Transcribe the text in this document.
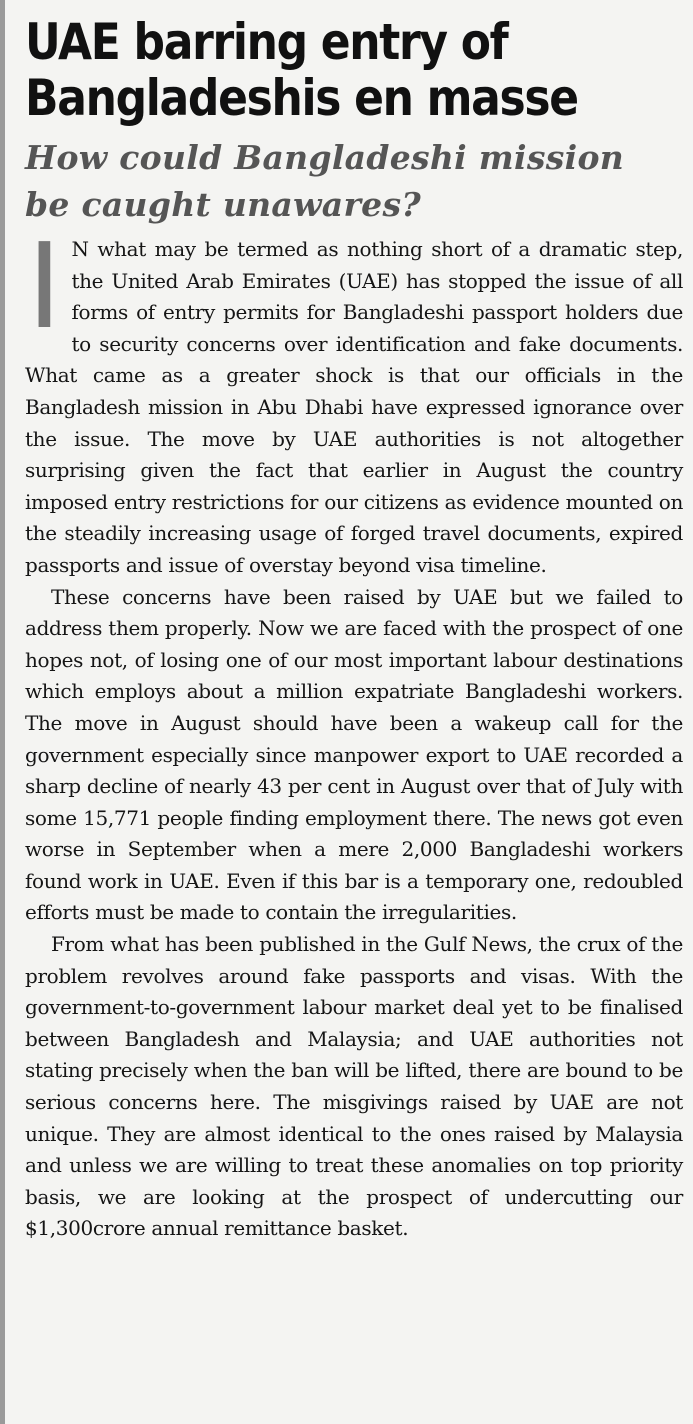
UAE barring entry of
Bangladeshis en masse
How could Bangladeshi mission
be caught unawares?

I N what may be termed as nothing short of a dramatic step, the United Arab Emirates (UAE) has stopped the issue of all forms of entry permits for Bangladeshi passport holders due to security concerns over identification and fake documents. What came as a greater shock is that our officials in the Bangladesh mission in Abu Dhabi have expressed ignorance over the issue. The move by UAE authorities is not altogether surprising given the fact that earlier in August the country imposed entry restrictions for our citizens as evidence mounted on the steadily increasing usage of forged travel documents, expired passports and issue of overstay beyond visa timeline.

These concerns have been raised by UAE but we failed to address them properly. Now we are faced with the prospect of one hopes not, of losing one of our most important labour destinations which employs about a million expatriate Bangladeshi workers. The move in August should have been a wakeup call for the government especially since manpower export to UAE recorded a sharp decline of nearly 43 per cent in August over that of July with some 15,771 people finding employment there. The news got even worse in September when a mere 2,000 Bangladeshi workers found work in UAE. Even if this bar is a temporary one, redoubled efforts must be made to contain the irregularities.

From what has been published in the Gulf News, the crux of the problem revolves around fake passports and visas. With the government-to-government labour market deal yet to be finalised between Bangladesh and Malaysia; and UAE authorities not stating precisely when the ban will be lifted, there are bound to be serious concerns here. The misgivings raised by UAE are not unique. They are almost identical to the ones raised by Malaysia and unless we are willing to treat these anomalies on top priority basis, we are looking at the prospect of undercutting our $1,300crore annual remittance basket.
